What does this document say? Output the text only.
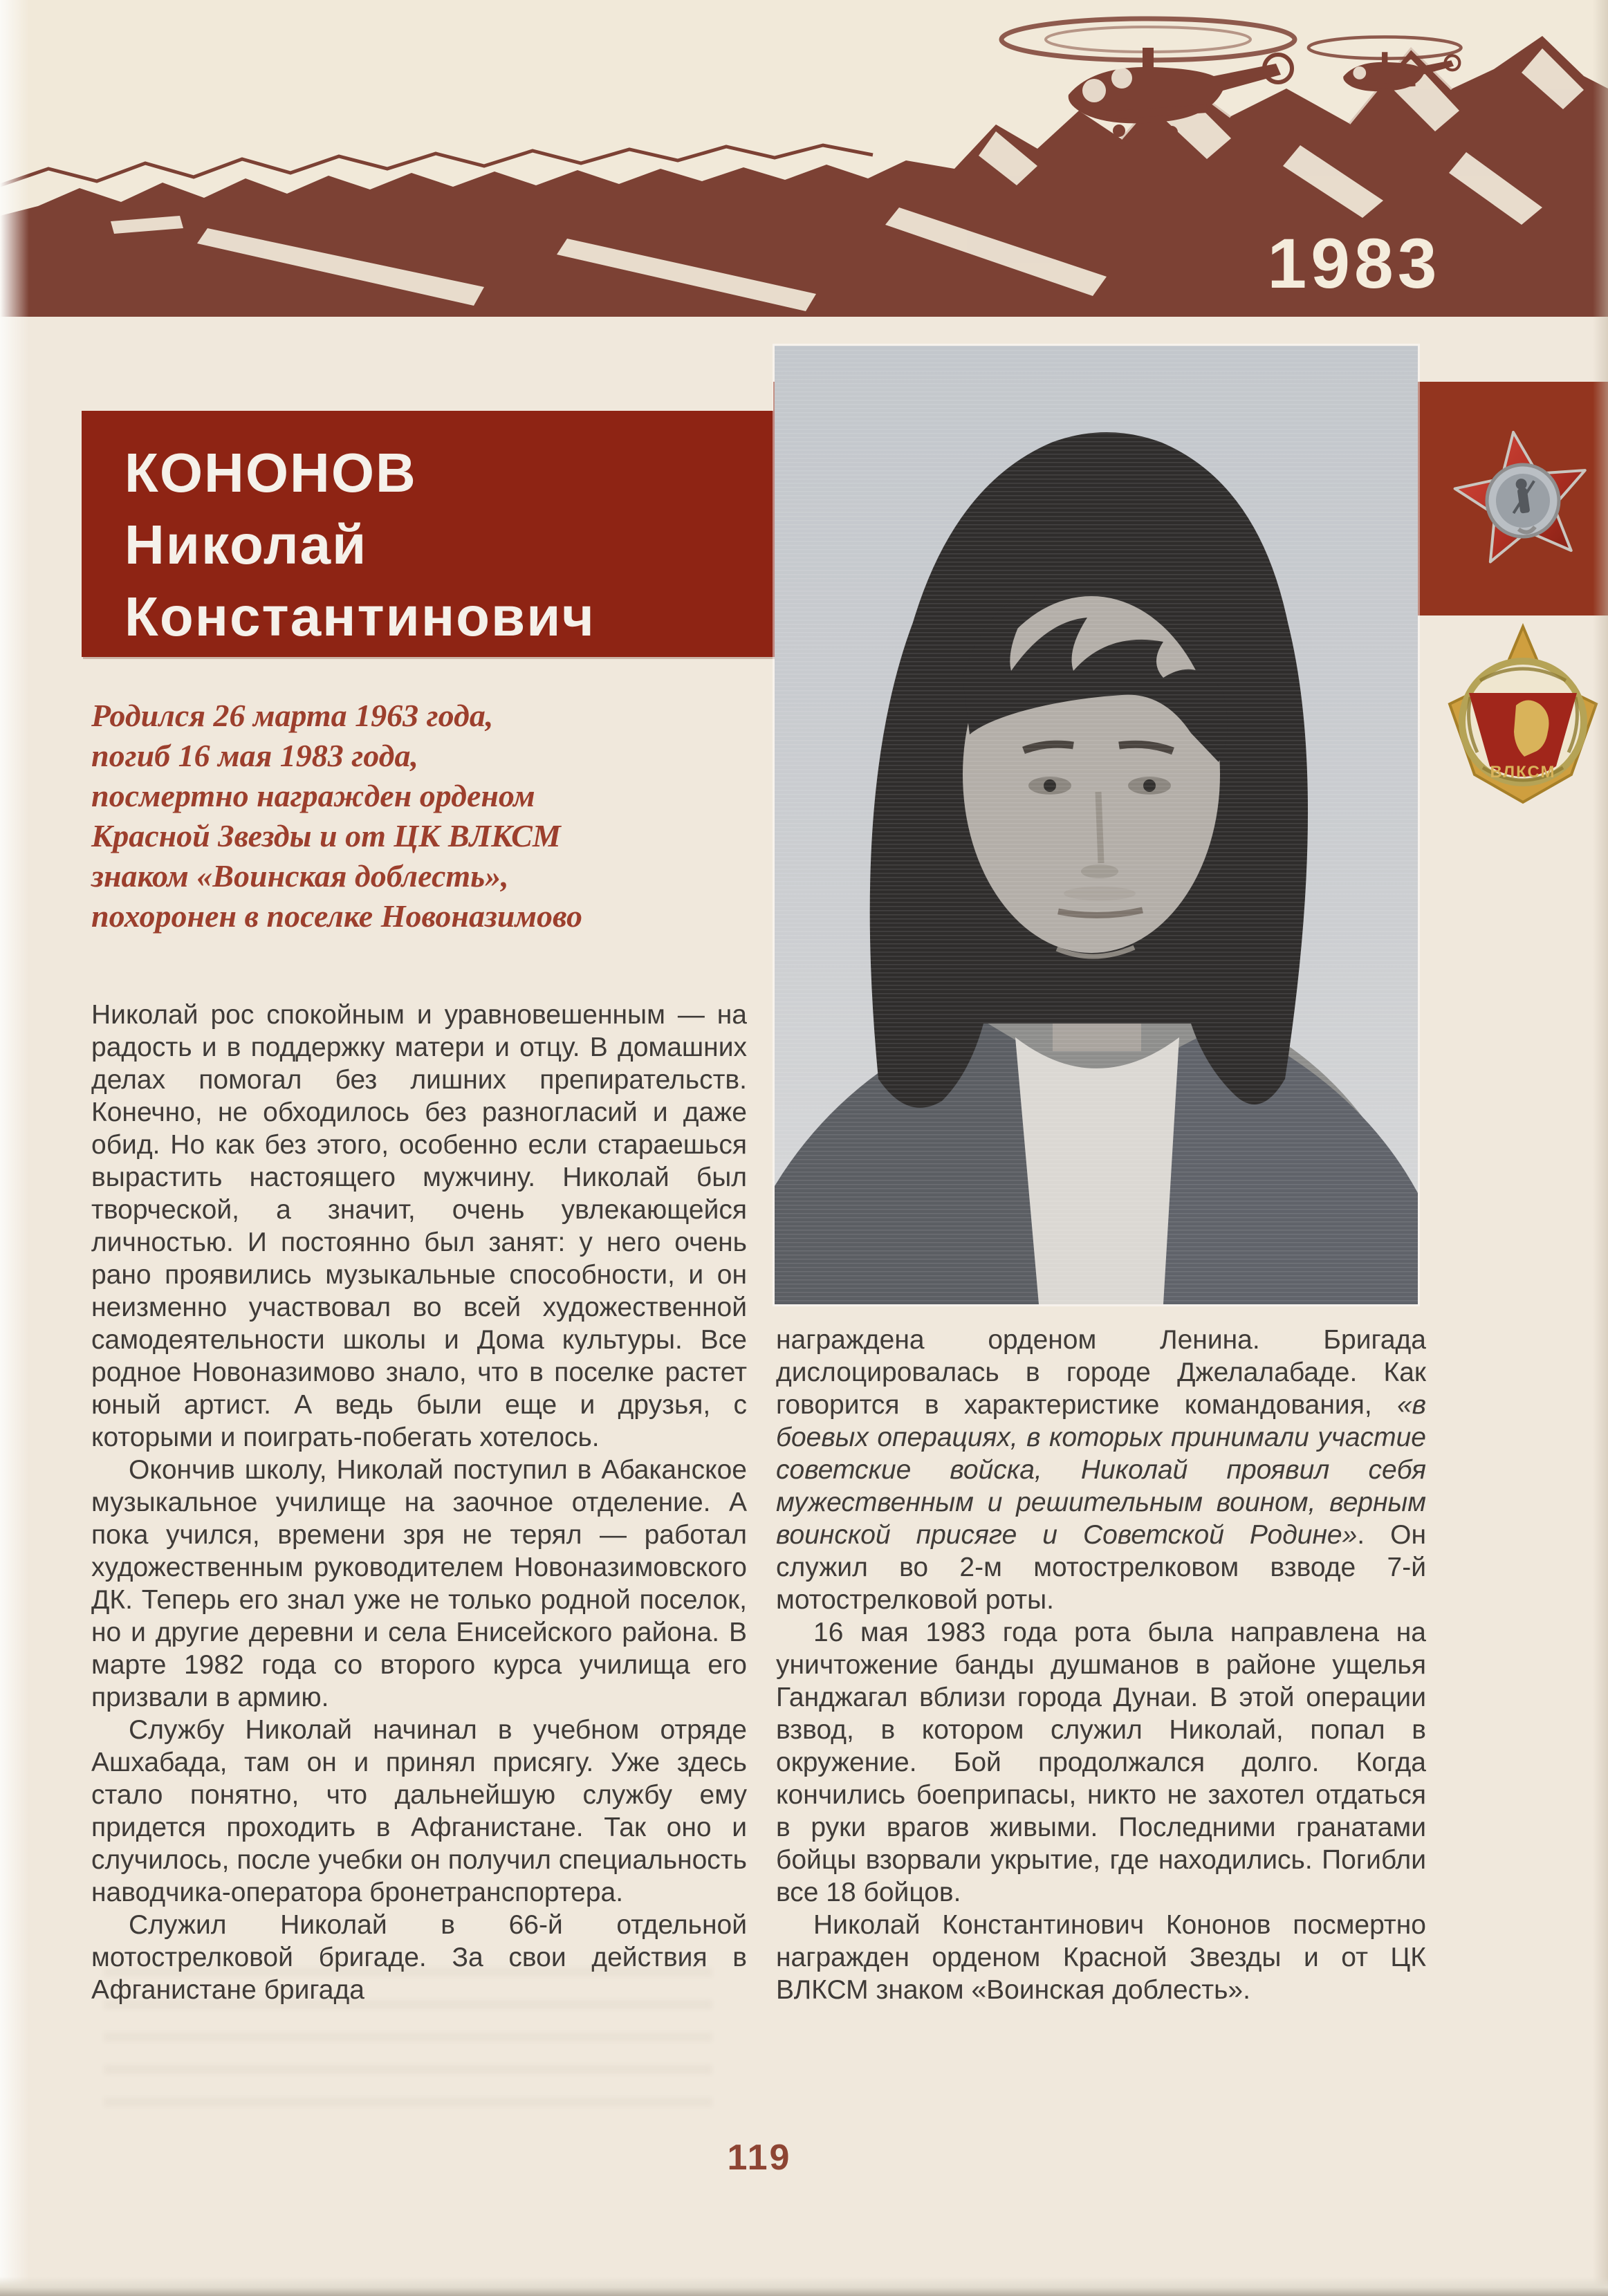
1983
КОНОНОВ
Николай
Константинович
ВЛКСМ
Родился 26 марта 1963 года,
погиб 16 мая 1983 года,
посмертно награжден орденом
Красной Звезды и от ЦК ВЛКСМ
знаком «Воинская доблесть»,
похоронен в поселке Новоназимово

Николай рос спокойным и уравновешенным — на радость и в поддержку матери и отцу. В домашних делах помогал без лишних препирательств. Конечно, не обходилось без разногласий и даже обид. Но как без этого, особенно если стараешься вырастить настоящего мужчину. Николай был творческой, а значит, очень увлекающейся личностью. И постоянно был занят: у него очень рано проявились музыкальные способности, и он неизменно участвовал во всей художественной самодеятельности школы и Дома культуры. Все родное Новоназимово знало, что в поселке растет юный артист. А ведь были еще и друзья, с которыми и поиграть-побегать хотелось.

Окончив школу, Николай поступил в Абаканское музыкальное училище на заочное отделение. А пока учился, времени зря не терял — работал художественным руководителем Новоназимовского ДК. Теперь его знал уже не только родной поселок, но и другие деревни и села Енисейского района. В марте 1982 года со второго курса училища его призвали в армию.

Службу Николай начинал в учебном отряде Ашхабада, там он и принял присягу. Уже здесь стало понятно, что дальнейшую службу ему придется проходить в Афганистане. Так оно и случилось, после учебки он получил специальность наводчика-оператора бронетранспортера.

Служил Николай в 66-й отдельной мотострелковой бригаде. За свои действия в Афганистане бригада

награждена орденом Ленина. Бригада дислоцировалась в городе Джелалабаде. Как говорится в характеристике командования, «в боевых операциях, в которых принимали участие советские войска, Николай проявил себя мужественным и решительным воином, верным воинской присяге и Советской Родине». Он служил во 2-м мотострелковом взводе 7-й мотострелковой роты.

16 мая 1983 года рота была направлена на уничтожение банды душманов в районе ущелья Ганджагал вблизи города Дунаи. В этой операции взвод, в котором служил Николай, попал в окружение. Бой продолжался долго. Когда кончились боеприпасы, никто не захотел отдаться в руки врагов живыми. Последними гранатами бойцы взорвали укрытие, где находились. Погибли все 18 бойцов.

Николай Константинович Кононов посмертно награжден орденом Красной Звезды и от ЦК ВЛКСМ знаком «Воинская доблесть».

119
